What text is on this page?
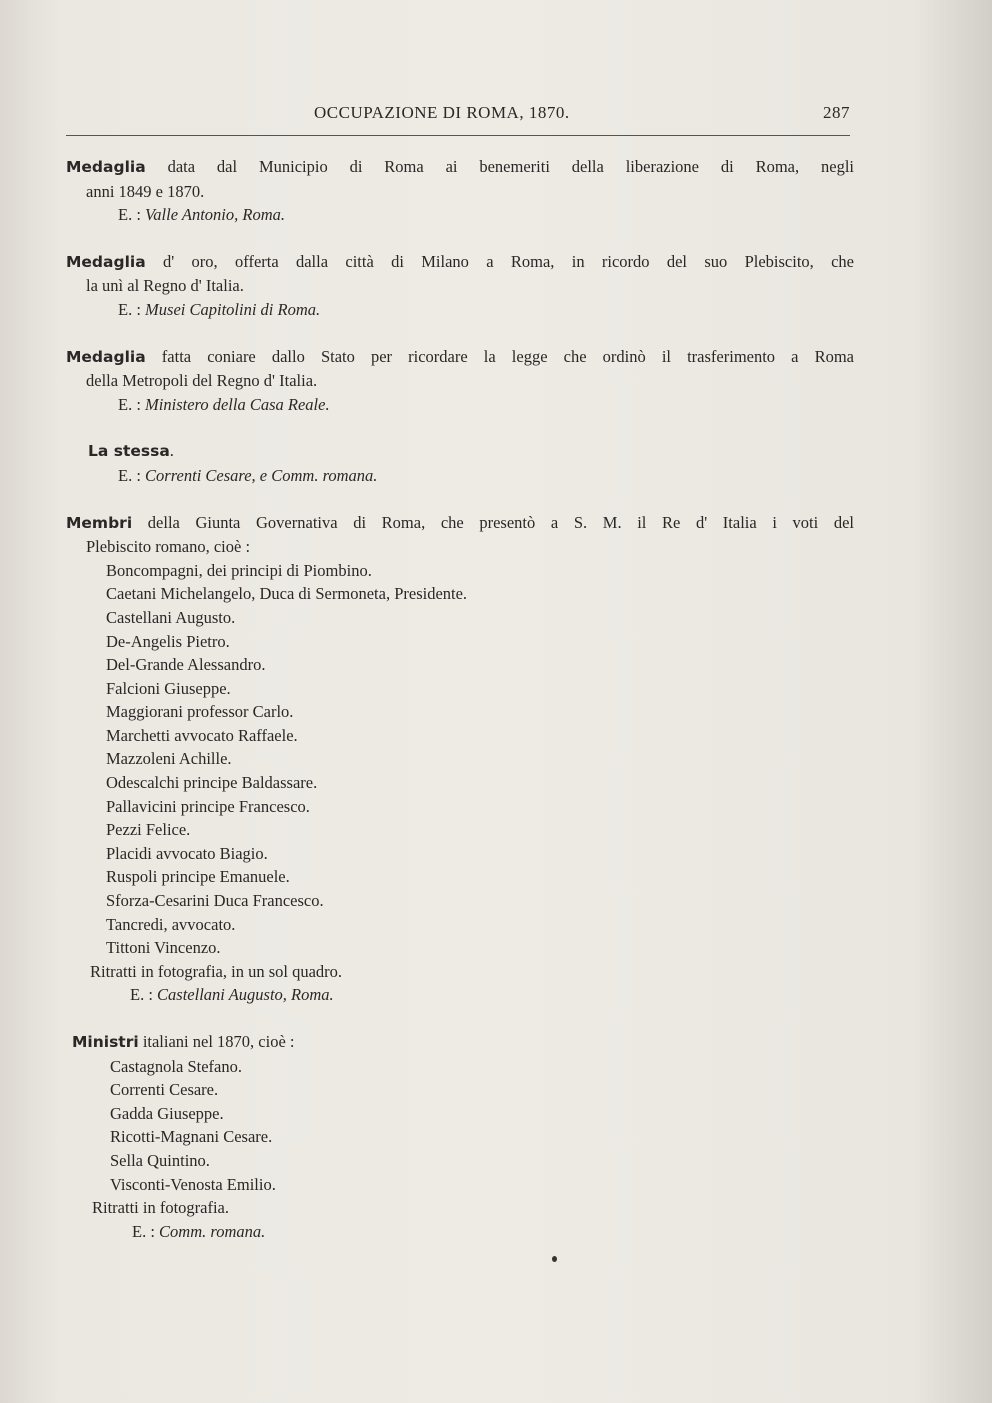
OCCUPAZIONE DI ROMA, 1870.	287
Medaglia data dal Municipio di Roma ai benemeriti della liberazione di Roma, negli
anni 1849 e 1870.
E. : Valle Antonio, Roma.
Medaglia d' oro, offerta dalla città di Milano a Roma, in ricordo del suo Plebiscito, che
la unì al Regno d' Italia.
E. : Musei Capitolini di Roma.
Medaglia fatta coniare dallo Stato per ricordare la legge che ordinò il trasferimento a Roma
della Metropoli del Regno d' Italia.
E. : Ministero della Casa Reale.
La stessa.
E. : Correnti Cesare, e Comm. romana.
Membri della Giunta Governativa di Roma, che presentò a S. M. il Re d' Italia i voti del
Plebiscito romano, cioè :
Boncompagni, dei principi di Piombino.
Caetani Michelangelo, Duca di Sermoneta, Presidente.
Castellani Augusto.
De-Angelis Pietro.
Del-Grande Alessandro.
Falcioni Giuseppe.
Maggiorani professor Carlo.
Marchetti avvocato Raffaele.
Mazzoleni Achille.
Odescalchi principe Baldassare.
Pallavicini principe Francesco.
Pezzi Felice.
Placidi avvocato Biagio.
Ruspoli principe Emanuele.
Sforza-Cesarini Duca Francesco.
Tancredi, avvocato.
Tittoni Vincenzo.
Ritratti in fotografia, in un sol quadro.
E. : Castellani Augusto, Roma.
Ministri italiani nel 1870, cioè :
Castagnola Stefano.
Correnti Cesare.
Gadda Giuseppe.
Ricotti-Magnani Cesare.
Sella Quintino.
Visconti-Venosta Emilio.
Ritratti in fotografia.
E. : Comm. romana.
